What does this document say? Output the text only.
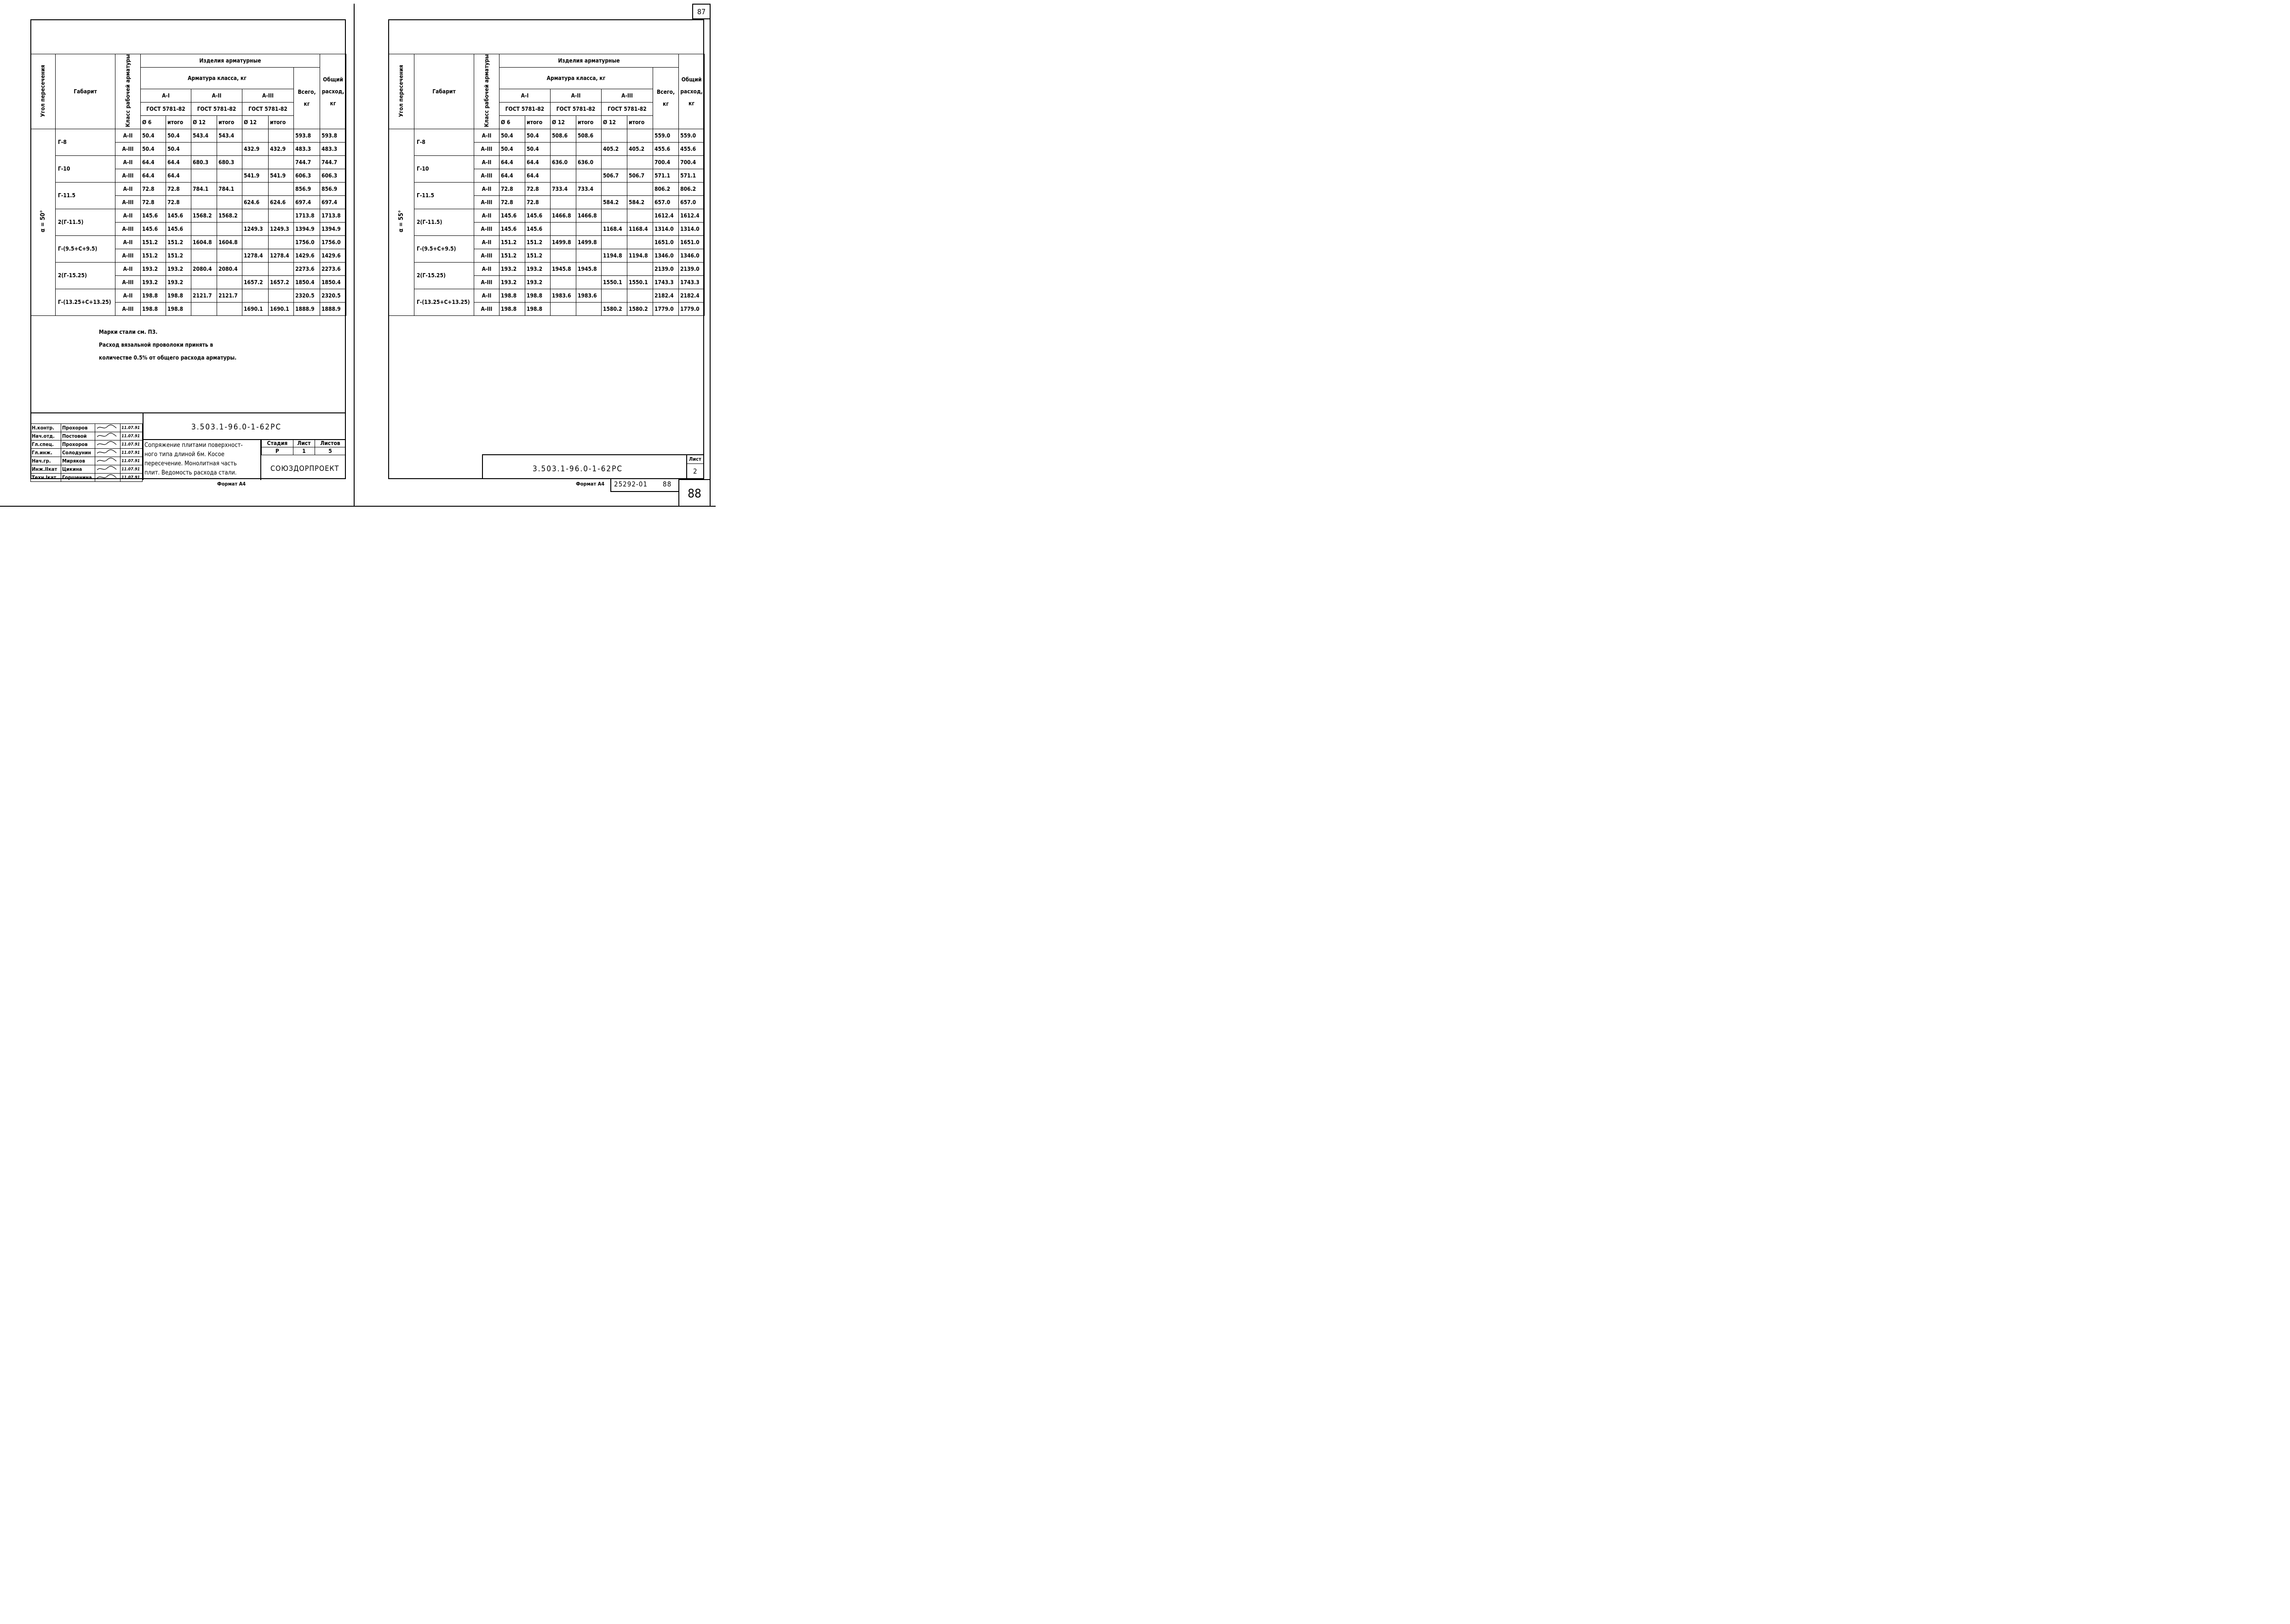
Угол пересечения	Габарит	Класс рабочей арматуры	Изделия арматурные							Общий расход, кг
			Арматура класса, кг						Всего, кг	
			А-I		А-II		А-III			
			ГОСТ 5781-82		ГОСТ 5781-82		ГОСТ 5781-82			
			Ø 6	итого	Ø 12	итого	Ø 12	итого		
α = 50°	Г-8	А-II	50.4	50.4	543.4	543.4			593.8	593.8
		А-III	50.4	50.4			432.9	432.9	483.3	483.3
	Г-10	А-II	64.4	64.4	680.3	680.3			744.7	744.7
		А-III	64.4	64.4			541.9	541.9	606.3	606.3
	Г-11.5	А-II	72.8	72.8	784.1	784.1			856.9	856.9
		А-III	72.8	72.8			624.6	624.6	697.4	697.4
	2(Г-11.5)	А-II	145.6	145.6	1568.2	1568.2			1713.8	1713.8
		А-III	145.6	145.6			1249.3	1249.3	1394.9	1394.9
	Г-(9.5+С+9.5)	А-II	151.2	151.2	1604.8	1604.8			1756.0	1756.0
		А-III	151.2	151.2			1278.4	1278.4	1429.6	1429.6
	2(Г-15.25)	А-II	193.2	193.2	2080.4	2080.4			2273.6	2273.6
		А-III	193.2	193.2			1657.2	1657.2	1850.4	1850.4
	Г-(13.25+С+13.25)	А-II	198.8	198.8	2121.7	2121.7			2320.5	2320.5
		А-III	198.8	198.8			1690.1	1690.1	1888.9	1888.9
Марки стали см. П3.
Расход вязальной проволоки принять в
количестве 0.5% от общего расхода арматуры.
Н.контр.	Прохоров		11.07.91
Нач.отд.	Постовой		11.07.91
Гл.спец.	Прохоров		11.07.91
Гл.инж.	Солодунин		11.07.91
Нач.гр.	Миряков		11.07.91
Инж.IIкат	Цикина		11.07.91
Техн.Iкат.	Горшенина		11.07.91
3.503.1-96.0-1-62РС
Сопряжение плитами поверхност-
ного типа длиной 6м. Косое
пересечение. Монолитная часть
плит. Ведомость расхода стали.
Стадия	Лист	Листов
Р	1	5
СОЮЗДОРПРОЕКТ
Формат А4
87
Угол пересечения	Габарит	Класс рабочей арматуры	Изделия арматурные							Общий расход, кг
			Арматура класса, кг						Всего, кг	
			А-I		А-II		А-III			
			ГОСТ 5781-82		ГОСТ 5781-82		ГОСТ 5781-82			
			Ø 6	итого	Ø 12	итого	Ø 12	итого		
α = 55°	Г-8	А-II	50.4	50.4	508.6	508.6			559.0	559.0
		А-III	50.4	50.4			405.2	405.2	455.6	455.6
	Г-10	А-II	64.4	64.4	636.0	636.0			700.4	700.4
		А-III	64.4	64.4			506.7	506.7	571.1	571.1
	Г-11.5	А-II	72.8	72.8	733.4	733.4			806.2	806.2
		А-III	72.8	72.8			584.2	584.2	657.0	657.0
	2(Г-11.5)	А-II	145.6	145.6	1466.8	1466.8			1612.4	1612.4
		А-III	145.6	145.6			1168.4	1168.4	1314.0	1314.0
	Г-(9.5+С+9.5)	А-II	151.2	151.2	1499.8	1499.8			1651.0	1651.0
		А-III	151.2	151.2			1194.8	1194.8	1346.0	1346.0
	2(Г-15.25)	А-II	193.2	193.2	1945.8	1945.8			2139.0	2139.0
		А-III	193.2	193.2			1550.1	1550.1	1743.3	1743.3
	Г-(13.25+С+13.25)	А-II	198.8	198.8	1983.6	1983.6			2182.4	2182.4
		А-III	198.8	198.8			1580.2	1580.2	1779.0	1779.0
3.503.1-96.0-1-62РС
Лист
2
Формат А4 25292-01 88
88
